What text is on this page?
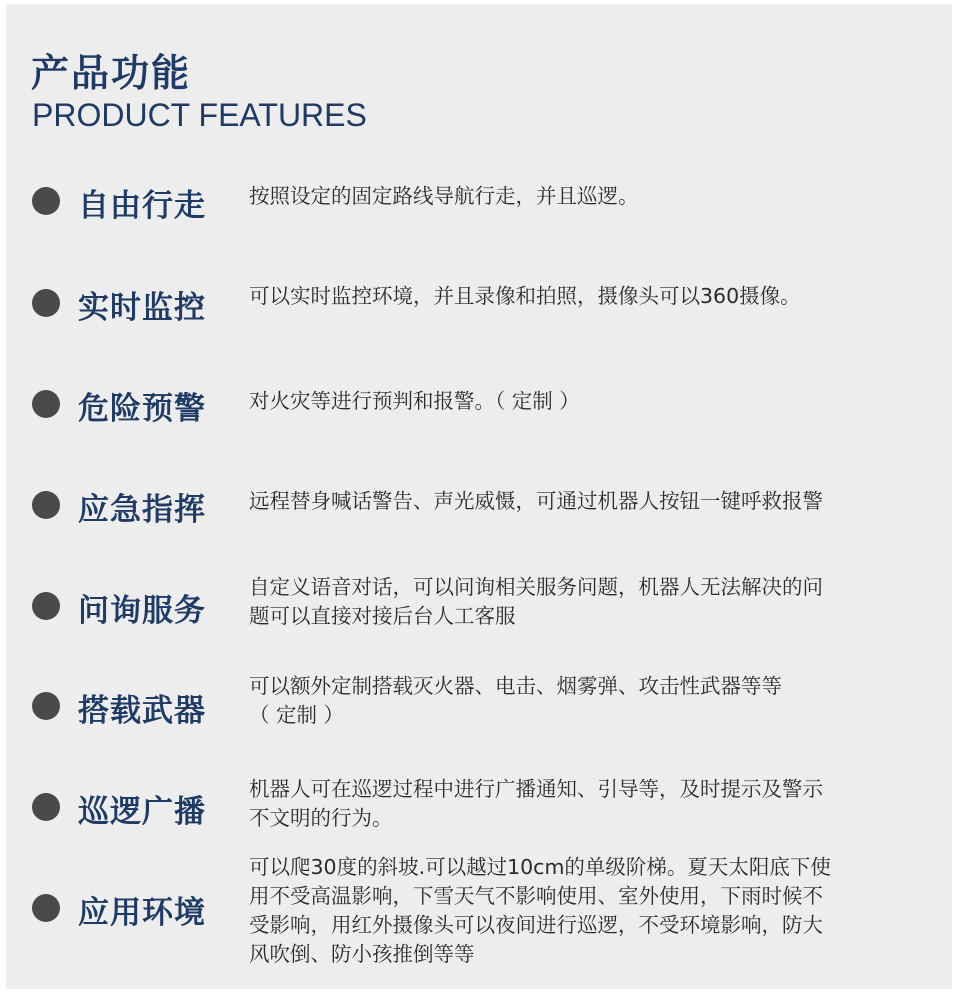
产品功能
PRODUCT FEATURES
自由行走 按照设定的固定路线导航行走，并且巡逻。

实时监控 可以实时监控环境，并且录像和拍照，摄像头可以360摄像。

危险预警 对火灾等进行预判和报警。（ 定制 ）

应急指挥 远程替身喊话警告、声光威慑，可通过机器人按钮一键呼救报警

问询服务

自定义语音对话，可以问询相关服务问题，机器人无法解决的问
题可以直接对接后台人工客服

搭载武器

可以额外定制搭载灭火器、电击、烟雾弹、攻击性武器等等
（ 定制 ）

巡逻广播

机器人可在巡逻过程中进行广播通知、引导等，及时提示及警示
不文明的行为。

应用环境

可以爬30度的斜坡.可以越过10cm的单级阶梯。夏天太阳底下使
用不受高温影响，下雪天气不影响使用、室外使用，下雨时候不
受影响，用红外摄像头可以夜间进行巡逻，不受环境影响，防大
风吹倒、防小孩推倒等等
